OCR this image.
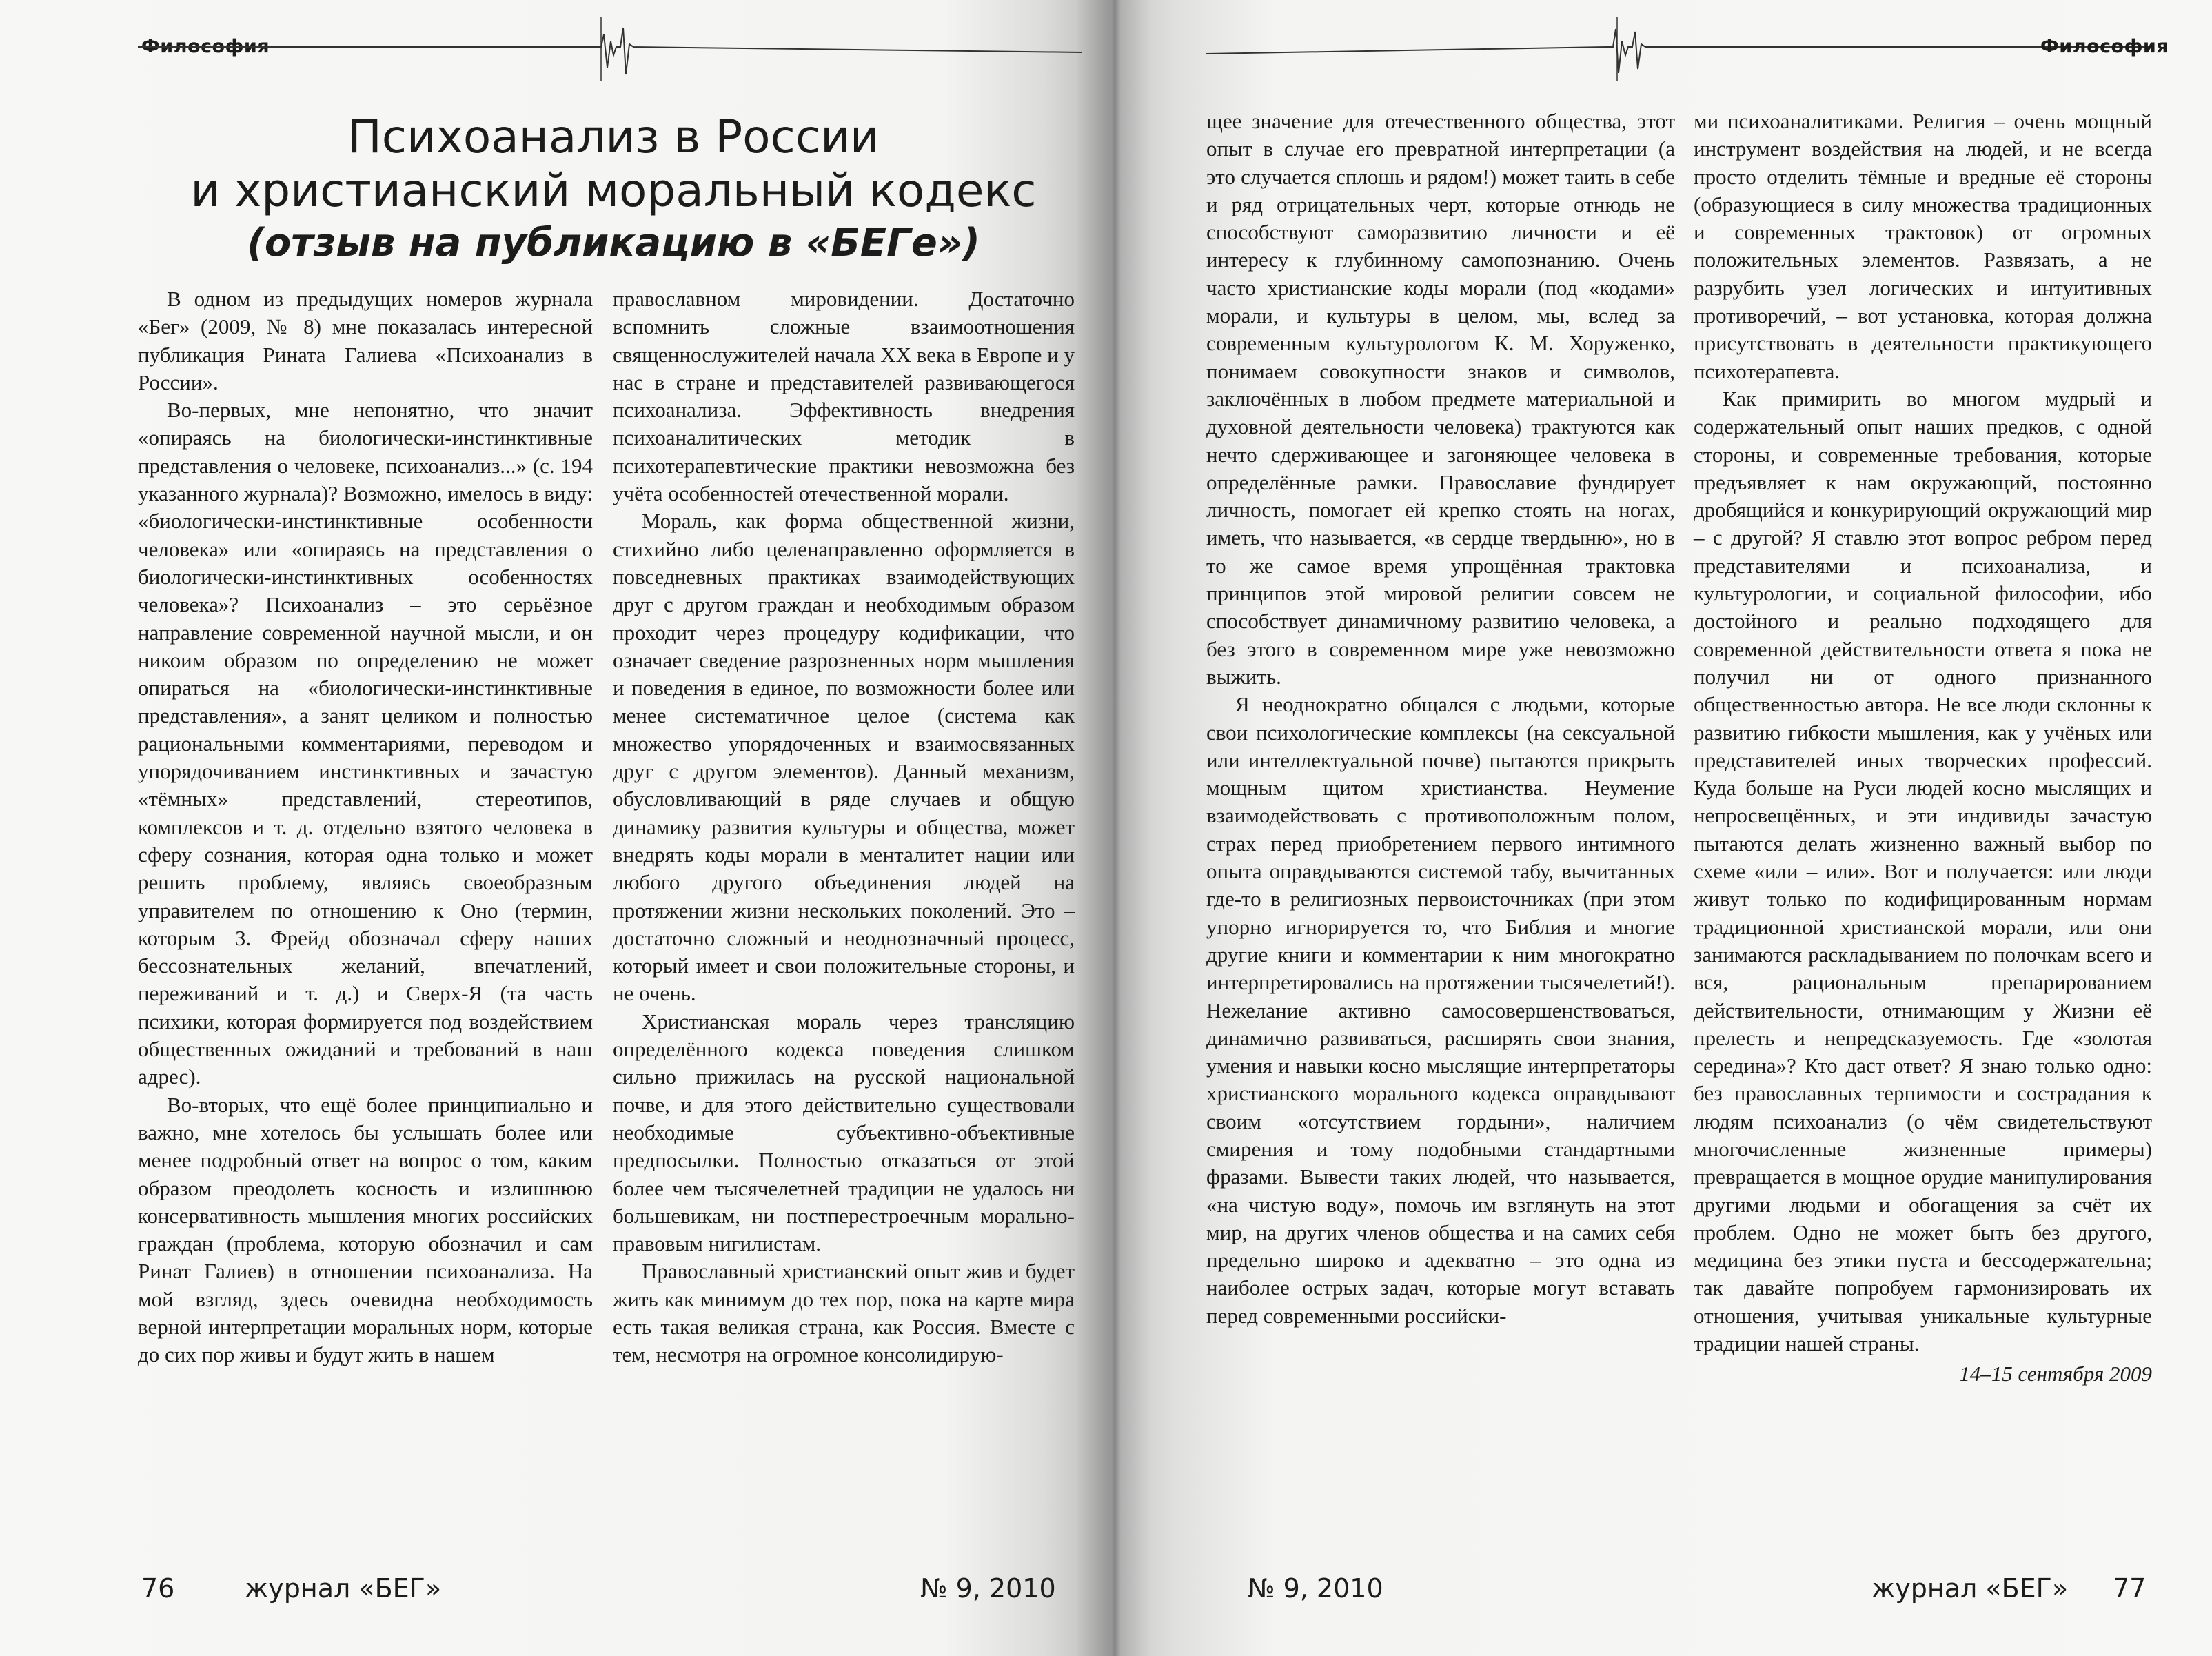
Философия
Психоанализ в России
и христианский моральный кодекс
(отзыв на публикацию в «БЕГе»)

В одном из предыдущих номеров журнала «Бег» (2009, № 8) мне показалась интересной публикация Рината Галиева «Психоанализ в России».

Во-первых, мне непонятно, что значит «опираясь на биологически-инстинктивные представления о человеке, психоанализ...» (с. 194 указанного журнала)? Возможно, имелось в виду: «биологически-инстинктивные особенности человека» или «опираясь на представления о биологически-инстинктивных особенностях человека»? Психоанализ – это серьёзное направление современной научной мысли, и он никоим образом по определению не может опираться на «биологически-инстинктивные представления», а занят целиком и полностью рациональными комментариями, переводом и упорядочиванием инстинктивных и зачастую «тёмных» представлений, стереотипов, комплексов и т. д. отдельно взятого человека в сферу сознания, которая одна только и может решить проблему, являясь своеобразным управителем по отношению к Оно (термин, которым З. Фрейд обозначал сферу наших бессознательных желаний, впечатлений, переживаний и т. д.) и Сверх-Я (та часть психики, которая формируется под воздействием общественных ожиданий и требований в наш адрес).

Во-вторых, что ещё более принципиально и важно, мне хотелось бы услышать более или менее подробный ответ на вопрос о том, каким образом преодолеть косность и излишнюю консервативность мышления многих российских граждан (проблема, которую обозначил и сам Ринат Галиев) в отношении психоанализа. На мой взгляд, здесь очевидна необходимость верной интерпретации моральных норм, которые до сих пор живы и будут жить в нашем

православном мировидении. Достаточно вспомнить сложные взаимоотношения священнослужителей начала XX века в Европе и у нас в стране и представителей развивающегося психоанализа. Эффективность внедрения психоаналитических методик в психотерапевтические практики невозможна без учёта особенностей отечественной морали.

Мораль, как форма общественной жизни, стихийно либо целенаправленно оформляется в повседневных практиках взаимодействующих друг с другом граждан и необходимым образом проходит через процедуру кодификации, что означает сведение разрозненных норм мышления и поведения в единое, по возможности более или менее систематичное целое (система как множество упорядоченных и взаимосвязанных друг с другом элементов). Данный механизм, обусловливающий в ряде случаев и общую динамику развития культуры и общества, может внедрять коды морали в менталитет нации или любого другого объединения людей на протяжении жизни нескольких поколений. Это – достаточно сложный и неоднозначный процесс, который имеет и свои положительные стороны, и не очень.

Христианская мораль через трансляцию определённого кодекса поведения слишком сильно прижилась на русской национальной почве, и для этого действительно существовали необходимые субъективно-объективные предпосылки. Полностью отказаться от этой более чем тысячелетней традиции не удалось ни большевикам, ни постперестроечным морально-правовым нигилистам.

Православный христианский опыт жив и будет жить как минимум до тех пор, пока на карте мира есть такая великая страна, как Россия. Вместе с тем, несмотря на огромное консолидирую-

76	журнал «БЕГ»	№ 9, 2010
Философия

щее значение для отечественного общества, этот опыт в случае его превратной интерпретации (а это случается сплошь и рядом!) может таить в себе и ряд отрицательных черт, которые отнюдь не способствуют саморазвитию личности и её интересу к глубинному самопознанию. Очень часто христианские коды морали (под «кодами» морали, и культуры в целом, мы, вслед за современным культурологом К. М. Хоруженко, понимаем совокупности знаков и символов, заключённых в любом предмете материальной и духовной деятельности человека) трактуются как нечто сдерживающее и загоняющее человека в определённые рамки. Православие фундирует личность, помогает ей крепко стоять на ногах, иметь, что называется, «в сердце твердыню», но в то же самое время упрощённая трактовка принципов этой мировой религии совсем не способствует динамичному развитию человека, а без этого в современном мире уже невозможно выжить.

Я неоднократно общался с людьми, которые свои психологические комплексы (на сексуальной или интеллектуальной почве) пытаются прикрыть мощным щитом христианства. Неумение взаимодействовать с противоположным полом, страх перед приобретением первого интимного опыта оправдываются системой табу, вычитанных где-то в религиозных первоисточниках (при этом упорно игнорируется то, что Библия и многие другие книги и комментарии к ним многократно интерпретировались на протяжении тысячелетий!). Нежелание активно самосовершенствоваться, динамично развиваться, расширять свои знания, умения и навыки косно мыслящие интерпретаторы христианского морального кодекса оправдывают своим «отсутствием гордыни», наличием смирения и тому подобными стандартными фразами. Вывести таких людей, что называется, «на чистую воду», помочь им взглянуть на этот мир, на других членов общества и на самих себя предельно широко и адекватно – это одна из наиболее острых задач, которые могут вставать перед современными российски-

ми психоаналитиками. Религия – очень мощный инструмент воздействия на людей, и не всегда просто отделить тёмные и вредные её стороны (образующиеся в силу множества традиционных и современных трактовок) от огромных положительных элементов. Развязать, а не разрубить узел логических и интуитивных противоречий, – вот установка, которая должна присутствовать в деятельности практикующего психотерапевта.

Как примирить во многом мудрый и содержательный опыт наших предков, с одной стороны, и современные требования, которые предъявляет к нам окружающий, постоянно дробящийся и конкурирующий окружающий мир – с другой? Я ставлю этот вопрос ребром перед представителями и психоанализа, и культурологии, и социальной философии, ибо достойного и реально подходящего для современной действительности ответа я пока не получил ни от одного признанного общественностью автора. Не все люди склонны к развитию гибкости мышления, как у учёных или представителей иных творческих профессий. Куда больше на Руси людей косно мыслящих и непросвещённых, и эти индивиды зачастую пытаются делать жизненно важный выбор по схеме «или – или». Вот и получается: или люди живут только по кодифицированным нормам традиционной христианской морали, или они занимаются раскладыванием по полочкам всего и вся, рациональным препарированием действительности, отнимающим у Жизни её прелесть и непредсказуемость. Где «золотая середина»? Кто даст ответ? Я знаю только одно: без православных терпимости и сострадания к людям психоанализ (о чём свидетельствуют многочисленные жизненные примеры) превращается в мощное орудие манипулирования другими людьми и обогащения за счёт их проблем. Одно не может быть без другого, медицина без этики пуста и бессодержательна; так давайте попробуем гармонизировать их отношения, учитывая уникальные культурные традиции нашей страны.

14–15 сентября 2009
№ 9, 2010	журнал «БЕГ» 77
